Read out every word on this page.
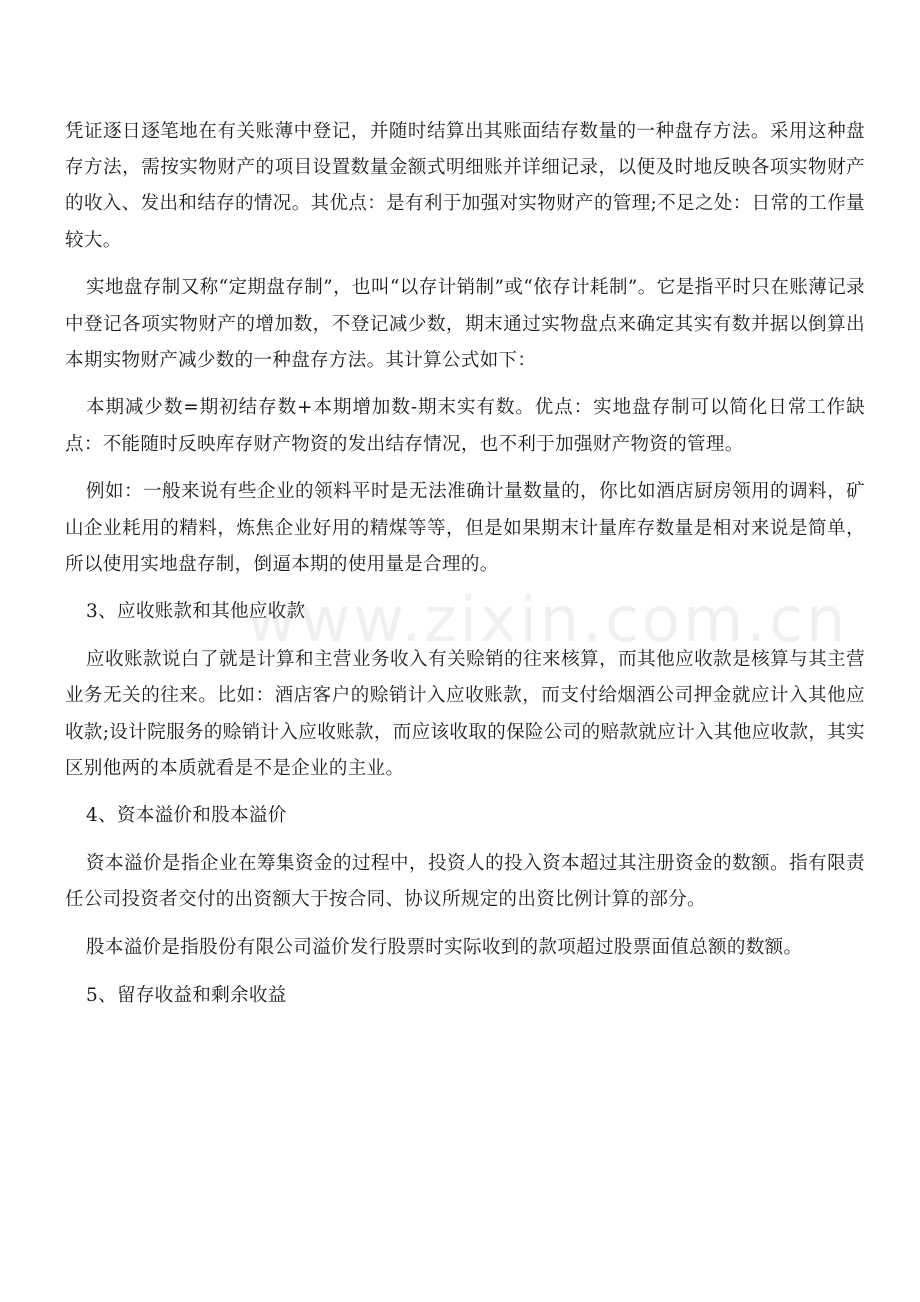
www.zixin.com.cn

凭证逐日逐笔地在有关账薄中登记，并随时结算出其账面结存数量的一种盘存方法。采用这种盘存方法，需按实物财产的项目设置数量金额式明细账并详细记录，以便及时地反映各项实物财产的收入、发出和结存的情况。其优点：是有利于加强对实物财产的管理;不足之处：日常的工作量较大。

实地盘存制又称“定期盘存制”，也叫“以存计销制”或“依存计耗制”。它是指平时只在账薄记录中登记各项实物财产的增加数，不登记减少数，期末通过实物盘点来确定其实有数并据以倒算出本期实物财产减少数的一种盘存方法。其计算公式如下：

本期减少数=期初结存数+本期增加数-期末实有数。优点：实地盘存制可以简化日常工作缺点：不能随时反映库存财产物资的发出结存情况，也不利于加强财产物资的管理。

例如：一般来说有些企业的领料平时是无法准确计量数量的，你比如酒店厨房领用的调料，矿山企业耗用的精料，炼焦企业好用的精煤等等，但是如果期末计量库存数量是相对来说是简单，所以使用实地盘存制，倒逼本期的使用量是合理的。

3、应收账款和其他应收款

应收账款说白了就是计算和主营业务收入有关赊销的往来核算，而其他应收款是核算与其主营业务无关的往来。比如：酒店客户的赊销计入应收账款，而支付给烟酒公司押金就应计入其他应收款;设计院服务的赊销计入应收账款，而应该收取的保险公司的赔款就应计入其他应收款，其实区别他两的本质就看是不是企业的主业。

4、资本溢价和股本溢价

资本溢价是指企业在筹集资金的过程中，投资人的投入资本超过其注册资金的数额。指有限责任公司投资者交付的出资额大于按合同、协议所规定的出资比例计算的部分。

股本溢价是指股份有限公司溢价发行股票时实际收到的款项超过股票面值总额的数额。

5、留存收益和剩余收益
